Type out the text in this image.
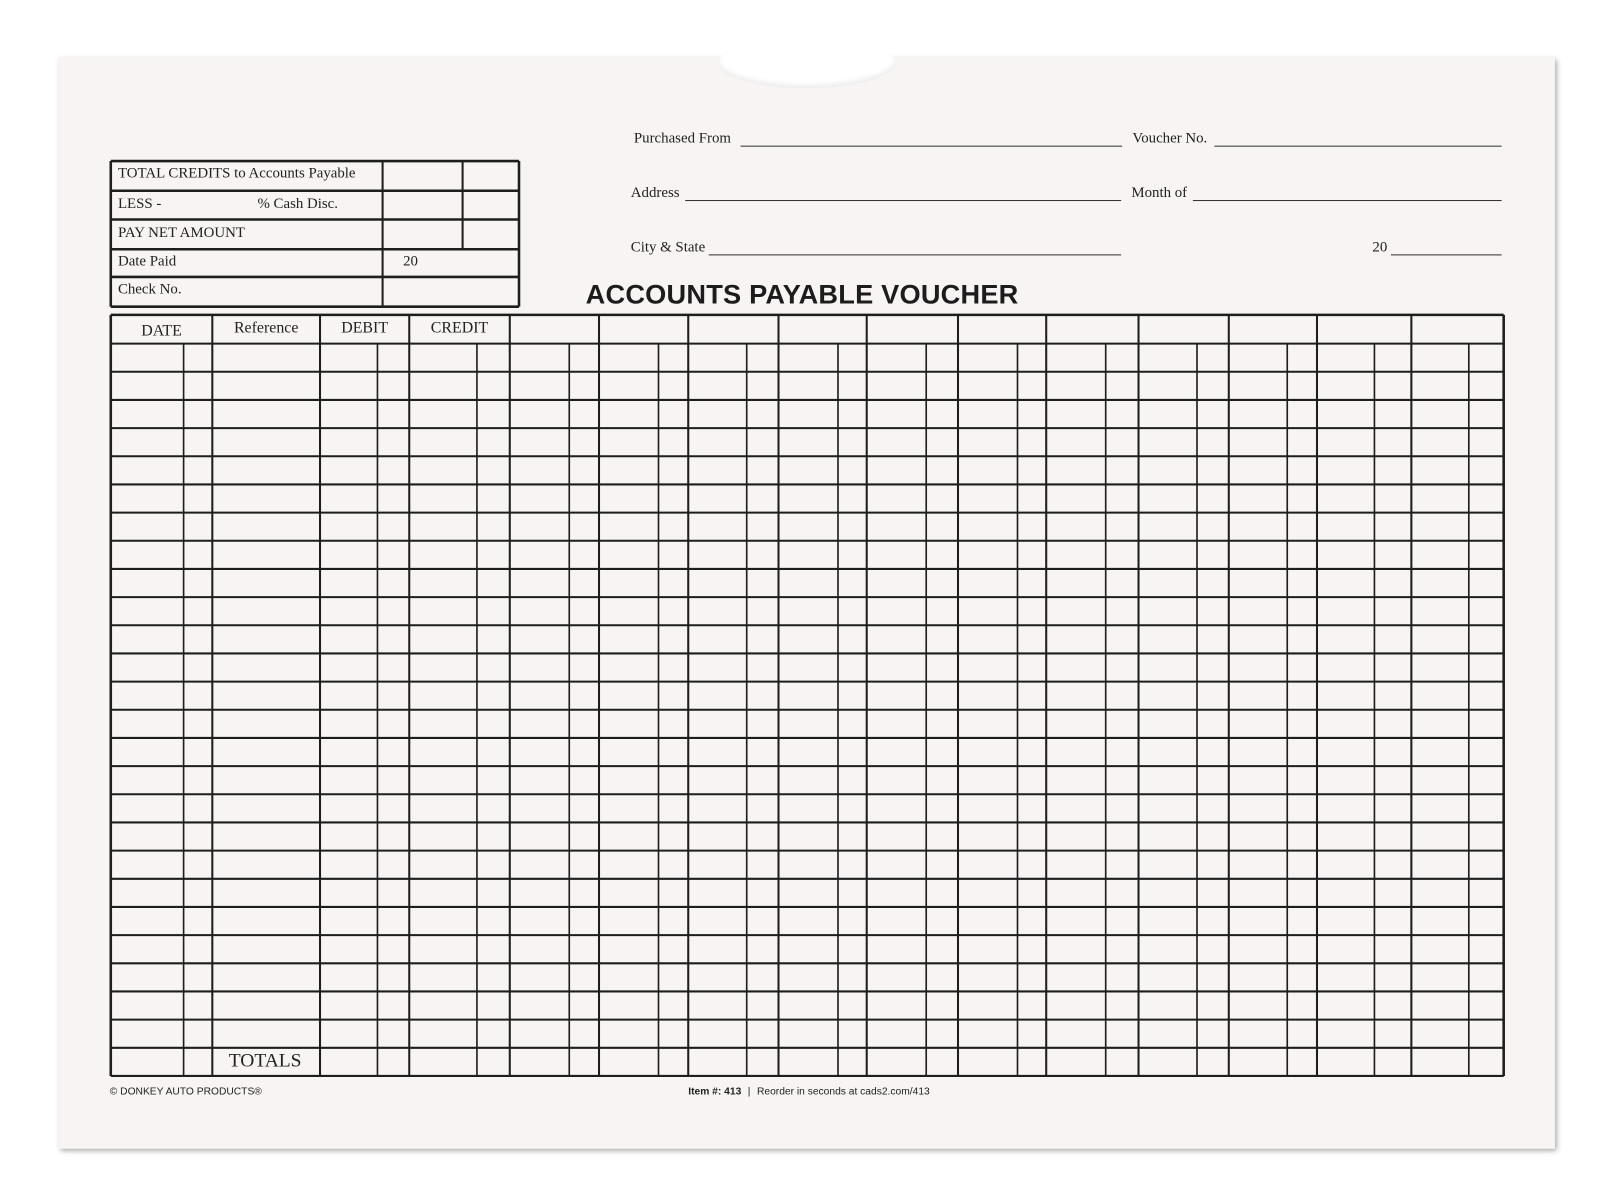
Purchased From	Voucher No.
Address	Month of
City & State	20
ACCOUNTS PAYABLE VOUCHER
TOTAL CREDITS to Accounts Payable
LESS -	% Cash Disc.
PAY NET AMOUNT
Date Paid	20
Check No.
DATE	Reference	DEBIT	CREDIT
TOTALS
© DONKEY AUTO PRODUCTS®	Item #: 413 | Reorder in seconds at cads2.com/413
